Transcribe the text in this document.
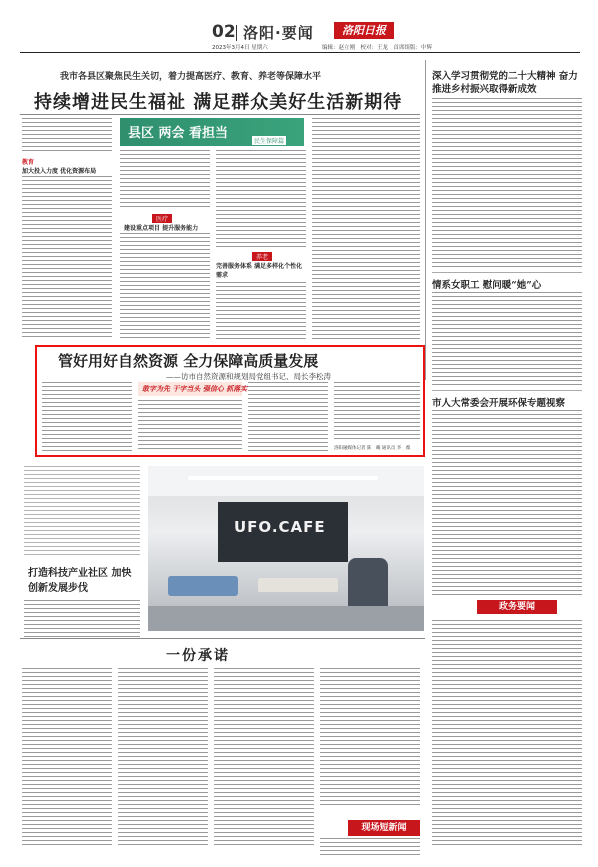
02 洛阳·要闻	洛阳日报
2023年3月4日 星期六	编辑：赵立刚　校对：王龙　首席组版：中辉
我市各县区聚焦民生关切，着力提高医疗、教育、养老等保障水平
持续增进民生福祉 满足群众美好生活新期待
教育
加大投入力度 优化资源布局
县区 两会 看担当
民生保障篇
医疗
建设重点项目 提升服务能力
养老
完善服务体系 满足多样化个性化需求
管好用好自然资源 全力保障高质量发展
——访市自然资源和规划局党组书记、局长李松涛
敢字为先 干字当头 强信心 抓落实
洛阳融媒体记者 陈　曦 通讯员 李　薇
深入学习贯彻党的二十大精神 奋力推进乡村振兴取得新成效
情系女职工 慰问暖“她”心
市人大常委会开展环保专题视察
政务要闻
UFO.CAFE
打造科技产业社区 加快创新发展步伐
一份承诺
现场短新闻
